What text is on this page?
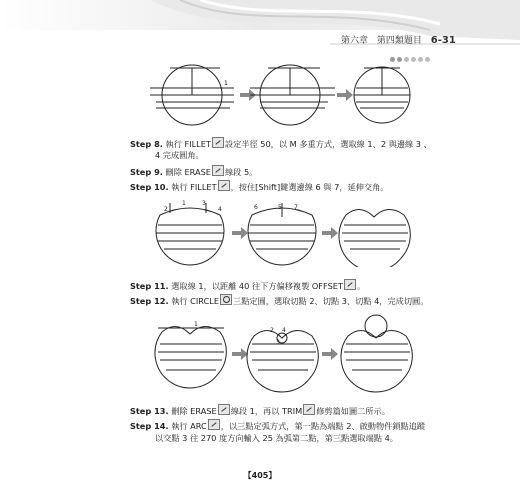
第六章 第四類題目 6-31
1
Step 8. 執行 FILLET 設定半徑 50，以 M 多重方式，選取線 1、2 與邊線 3 、
4 完成圓角。
Step 9. 刪除 ERASE 線段 5。
Step 10. 執行 FILLET ，按住[Shift]鍵選邊線 6 與 7，延伸交角。
2
1	3
4	6	5 7
Step 11. 選取線 1，以距離 40 往下方偏移複製 OFFSET 。
Step 12. 執行 CIRCLE 三點定圓，選取切點 2、切點 3、切點 4，完成切圓。
1
2 4
3
Step 13. 刪除 ERASE 線段 1，再以 TRIM 修剪篇如圖二所示。
Step 14. 執行 ARC ，以三點定弧方式，第一點為端點 2、啟動物件鎖點追蹤
以交點 3 往 270 度方向輸入 25 為弧第二點，第三點選取端點 4。
【405】
